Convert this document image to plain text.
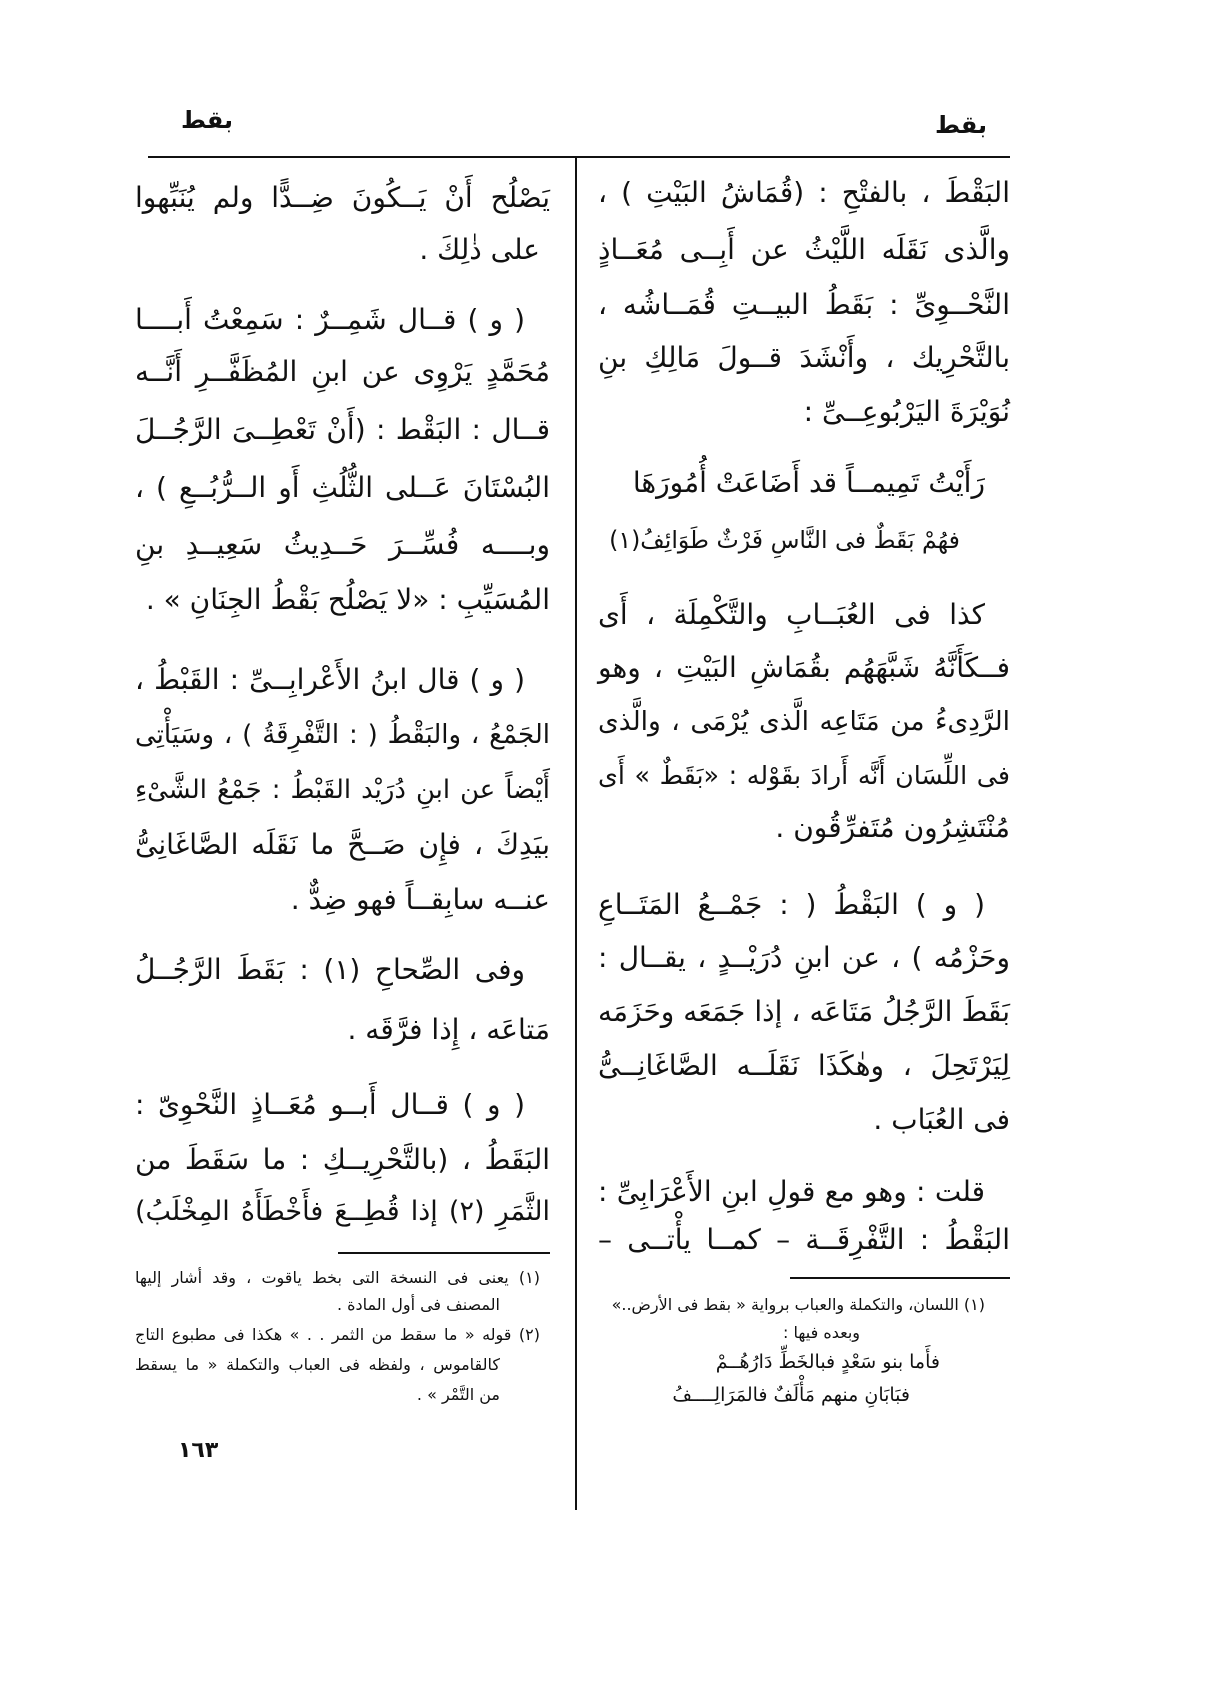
بقط	بقط
البَقْطَ ، بالفتْحِ : (قُمَاشُ البَيْتِ ) ،
والَّذى نَقَلَه اللَّيْثُ عن أَبِــى مُعَــاذٍ
النَّحْــوِىِّ : بَقَطُ البيــتِ قُمَــاشُه ،
بالتَّحْرِيك ، وأَنْشَدَ قــولَ مَالِكِ بنِ
نُوَيْرَةَ اليَرْبُوعِــىِّ :
رَأَيْتُ تَمِيمــاً قد أَضَاعَتْ أُمُورَهَا
فهُمْ بَقَطٌ فى النَّاسِ فَرْثٌ طَوَائِفُ(١)
كذا فى العُبَــابِ والتَّكْمِلَة ، أَى
فــكَأَنَّهُ شَبَّهَهُم بقُمَاشِ البَيْتِ ، وهو
الرَّدِىءُ من مَتَاعِه الَّذى يُرْمَى ، والَّذى
فى اللِّسَان أَنَّه أَرادَ بقَوْله : «بَقَطٌ » أَى
مُنْتَشِرُون مُتَفرِّقُون .
( و ) البَقْطُ ( : جَمْــعُ المَتَــاعِ
وحَزْمُه ) ، عن ابنِ دُرَيْــدٍ ، يقــال :
بَقَطَ الرَّجُلُ مَتَاعَه ، إذا جَمَعَه وحَزَمَه
لِيَرْتَحِلَ ، وهٰكَذَا نَقَلَــه الصَّاغَانِــىُّ
فى العُبَاب .
قلت : وهو مع قولِ ابنِ الأَعْرَابِىِّ :
البَقْطُ : التَّفْرِقَــة – كمــا يأْتــى –
(١) اللسان، والتكملة والعباب برواية « بقط فى الأرض..»
وبعده فيها :
فأَما بنو سَعْدٍ فبالخَطِّ دَارُهُــمْ
فبَابَانِ منهم مَأْلَفٌ فالمَرَالِــــفُ
يَصْلُح أَنْ يَــكُونَ ضِــدًّا ولم يُنَبِّهوا
على ذٰلِكَ .
( و ) قــال شَمِــرٌ : سَمِعْتُ أَبــــا
مُحَمَّدٍ يَرْوِى عن ابنِ المُظَفَّــرِ أَنَّــه
قــال : البَقْط : (أَنْ تَعْطِــىَ الرَّجُــلَ
البُسْتَانَ عَــلى الثُّلُثِ أَو الــرُّبُــعِ ) ،
وبــــه فُسِّــرَ حَــدِيثُ سَعِيــدِ بنِ
المُسَيِّبِ : «لا يَصْلُح بَقْطُ الجِنَانِ » .
( و ) قال ابنُ الأَعْرابِــىِّ : القَبْطُ ،
الجَمْعُ ، والبَقْطُ ( : التَّفْرِقَةُ ) ، وسَيَأْتِى
أَيْضاً عن ابنِ دُرَيْد القَبْطُ : جَمْعُ الشَّىْءِ
بيَدِكَ ، فإِن صَــحَّ ما نَقَلَه الصَّاغَانِىُّ
عنــه سابِقــاً فهو ضِدٌّ .
وفى الصِّحاحِ (١) : بَقَطَ الرَّجُــلُ
مَتاعَه ، إِذا فرَّقَه .
( و ) قــال أَبــو مُعَــاذٍ النَّحْوِىّ :
البَقَطُ ، (بالتَّحْرِيــكِ : ما سَقَطَ من
الثَّمَرِ (٢) إذا قُطِــعَ فأَخْطَأَهُ المِخْلَبُ)
(١) يعنى فى النسخة التى بخط ياقوت ، وقد أشار إليها
المصنف فى أول المادة .
(٢) قوله « ما سقط من الثمر . . » هكذا فى مطبوع التاج
كالقاموس ، ولفظه فى العباب والتكملة « ما يسقط
من التَّمْر » .
١٦٣
